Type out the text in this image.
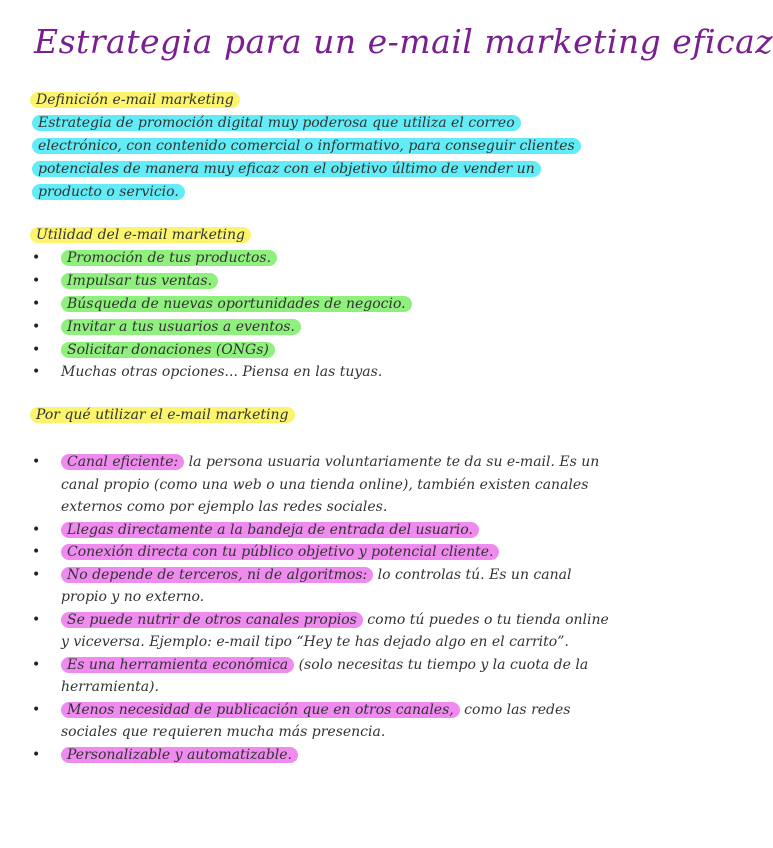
Estrategia para un e-mail marketing eficaz
Definición e-mail marketing
Estrategia de promoción digital muy poderosa que utiliza el correo electrónico, con contenido comercial o informativo, para conseguir clientes potenciales de manera muy eficaz con el objetivo último de vender un producto o servicio.
Utilidad del e-mail marketing
• Promoción de tus productos.
• Impulsar tus ventas.
• Búsqueda de nuevas oportunidades de negocio.
• Invitar a tus usuarios a eventos.
• Solicitar donaciones (ONGs)
• Muchas otras opciones... Piensa en las tuyas.
Por qué utilizar el e-mail marketing
• Canal eficiente: la persona usuaria voluntariamente te da su e-mail. Es un canal propio (como una web o una tienda online), también existen canales externos como por ejemplo las redes sociales.
• Llegas directamente a la bandeja de entrada del usuario.
• Conexión directa con tu público objetivo y potencial cliente.
• No depende de terceros, ni de algoritmos: lo controlas tú. Es un canal propio y no externo.
• Se puede nutrir de otros canales propios como tú puedes o tu tienda online y viceversa. Ejemplo: e-mail tipo “Hey te has dejado algo en el carrito”.
• Es una herramienta económica (solo necesitas tu tiempo y la cuota de la herramienta).
• Menos necesidad de publicación que en otros canales, como las redes sociales que requieren mucha más presencia.
• Personalizable y automatizable.
